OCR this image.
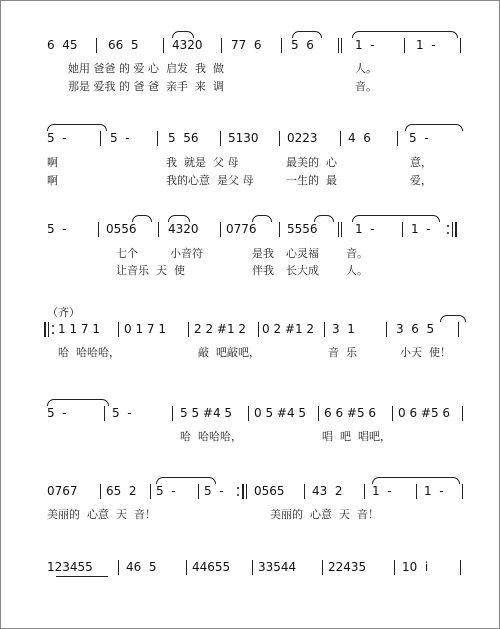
6  45	66  5	4320 77  6 5  6	1  -	1  -
她用 爸爸 的 爱 心  启发  我  做	人。
那是 爱我 的 爸 爸  亲手  来  调	音。
5  -	5  -	5  56 5130 0223	4  6	5  -
啊	我  就是  父 母	最美的  心	意，
啊	我的心意  是父 母	一生的  最	爱，
5  -	0556	4320 0776	5556	1  -	1  -
七个	小音符	是我 心灵福 音。
让音乐  天  使	伴我 长大成 人。
（齐）
1 1 7 1 0 1 7 1 2 2 #1 2 0 2 #1 2 3  1	3  6  5
哈  哈哈哈，	敲  吧敲吧，	音  乐	小天  使！
5  -	5  -	5 5 #4 5 0 5 #4 5 6 6 #5 6 0 6 #5 6
哈  哈哈哈，	唱  吧  唱吧，
0767 65  2 5  - 5  -	0565 43  2 1  -	1  -
美丽的  心意  天  音！	美丽的  心意  天  音！
123455	46  5	44655 33544	22435	10  i
